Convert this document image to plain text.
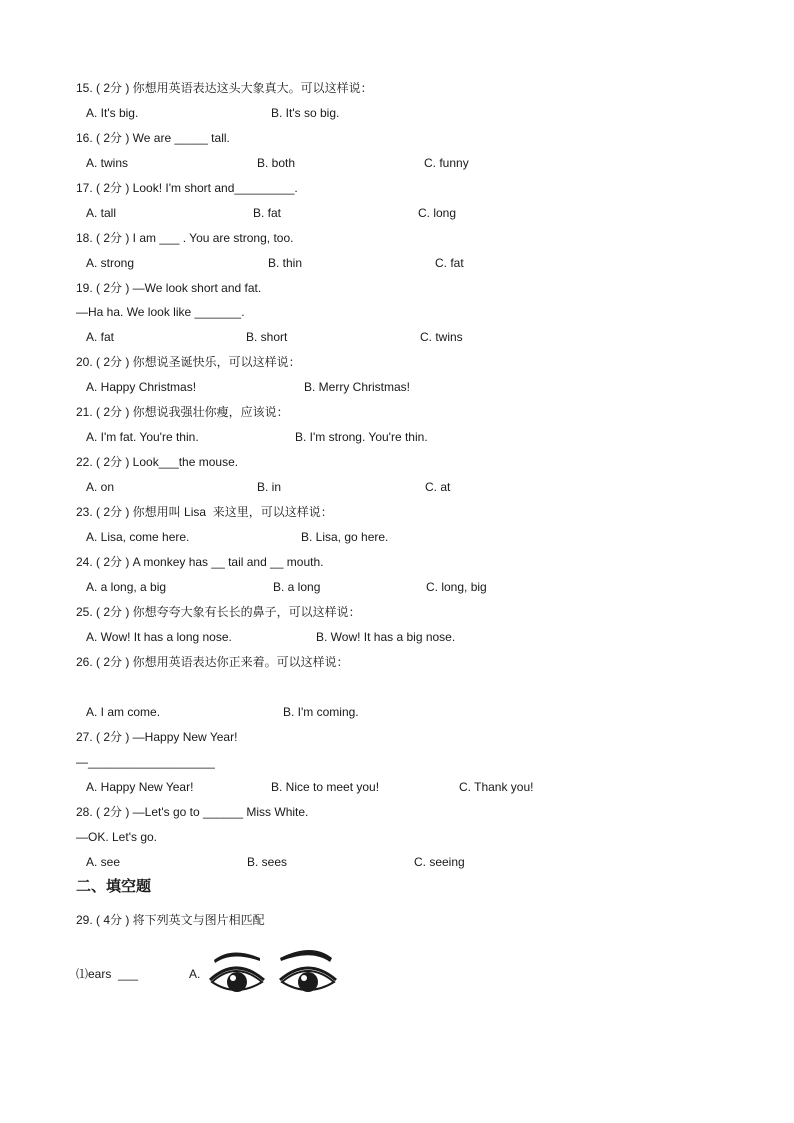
15. ( 2分 ) 你想用英语表达这头大象真大。可以这样说：
A. It's big.	B. It's so big.
16. ( 2分 ) We are _____ tall.
A. twins	B. both	C. funny
17. ( 2分 ) Look! I'm short and_________.
A. tall	B. fat	C. long
18. ( 2分 ) I am ___ . You are strong, too.
A. strong	B. thin	C. fat
19. ( 2分 ) —We look short and fat.
—Ha ha. We look like _______.
A. fat	B. short	C. twins
20. ( 2分 ) 你想说圣诞快乐，可以这样说：
A. Happy Christmas!	B. Merry Christmas!
21. ( 2分 ) 你想说我强壮你瘦，应该说：
A. I'm fat. You're thin.	B. I'm strong. You're thin.
22. ( 2分 ) Look___the mouse.
A. on	B. in	C. at
23. ( 2分 ) 你想用叫 Lisa  来这里，可以这样说：
A. Lisa, come here.	B. Lisa, go here.
24. ( 2分 ) A monkey has __ tail and __ mouth.
A. a long, a big	B. a long	C. long, big
25. ( 2分 ) 你想夸夸大象有长长的鼻子，可以这样说：
A. Wow! It has a long nose.	B. Wow! It has a big nose.
26. ( 2分 ) 你想用英语表达你正来着。可以这样说：
A. I am come.	B. I'm coming.
27. ( 2分 ) —Happy New Year!
—___________________
A. Happy New Year!	B. Nice to meet you!	C. Thank you!
28. ( 2分 ) —Let's go to ______ Miss White.
—OK. Let's go.
A. see	B. sees	C. seeing
二、填空题
29. ( 4分 ) 将下列英文与图片相匹配
⑴ears  ___	A.
